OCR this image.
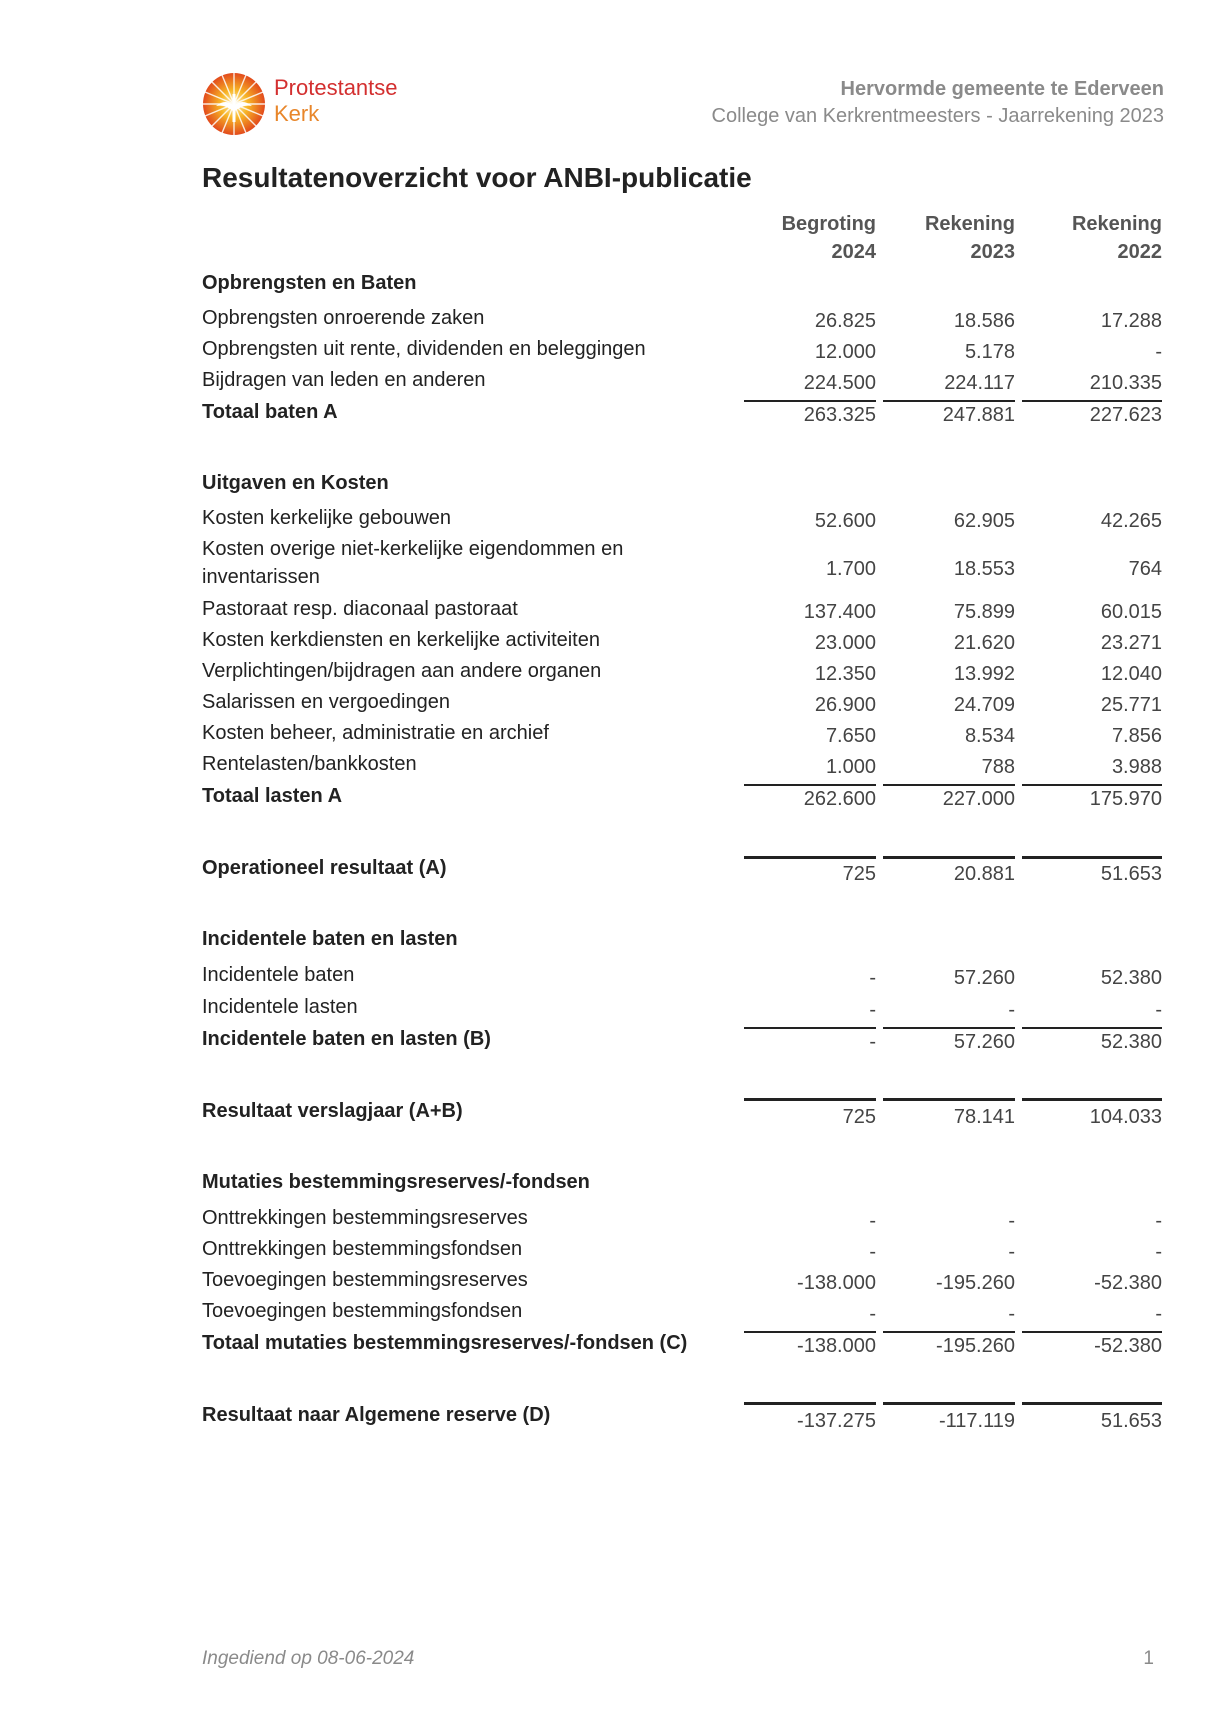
Protestantse
Kerk
Hervormde gemeente te Ederveen
College van Kerkrentmeesters - Jaarrekening 2023
Resultatenoverzicht voor ANBI-publicatie
Begroting
2024
Rekening
2023
Rekening
2022
Opbrengsten en Baten
Opbrengsten onroerende zaken	26.825	18.586	17.288
Opbrengsten uit rente, dividenden en beleggingen	12.000	5.178	-
Bijdragen van leden en anderen	224.500	224.117	210.335
Totaal baten A	263.325	247.881	227.623
Uitgaven en Kosten
Kosten kerkelijke gebouwen	52.600	62.905	42.265
Kosten overige niet-kerkelijke eigendommen en
inventarissen	1.700	18.553	764
Pastoraat resp. diaconaal pastoraat	137.400	75.899	60.015
Kosten kerkdiensten en kerkelijke activiteiten	23.000	21.620	23.271
Verplichtingen/bijdragen aan andere organen	12.350	13.992	12.040
Salarissen en vergoedingen	26.900	24.709	25.771
Kosten beheer, administratie en archief	7.650	8.534	7.856
Rentelasten/bankkosten	1.000	788	3.988
Totaal lasten A	262.600	227.000	175.970
Operationeel resultaat (A)	725	20.881	51.653
Incidentele baten en lasten
Incidentele baten	-	57.260	52.380
Incidentele lasten	-	-	-
Incidentele baten en lasten (B)	-	57.260	52.380
Resultaat verslagjaar (A+B)	725	78.141	104.033
Mutaties bestemmingsreserves/-fondsen
Onttrekkingen bestemmingsreserves	-	-	-
Onttrekkingen bestemmingsfondsen	-	-	-
Toevoegingen bestemmingsreserves	-138.000	-195.260	-52.380
Toevoegingen bestemmingsfondsen	-	-	-
Totaal mutaties bestemmingsreserves/-fondsen (C)	-138.000	-195.260	-52.380
Resultaat naar Algemene reserve (D)	-137.275	-117.119	51.653
Ingediend op 08-06-2024	1
